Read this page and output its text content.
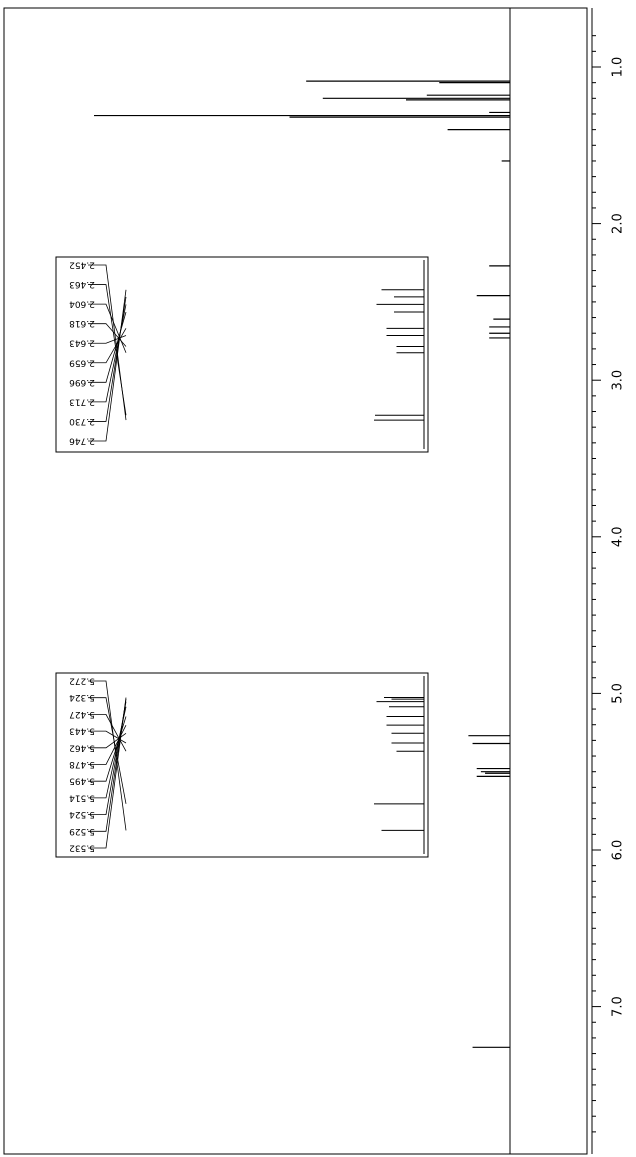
1.0
2.0
3.0
4.0
5.0
6.0
7.0
2.746
2.730
2.713
2.696
2.659
2.643
2.618
2.604
2.463
2.452
5.532
5.529
5.524
5.514
5.495
5.478
5.462
5.443
5.427
5.324
5.272
